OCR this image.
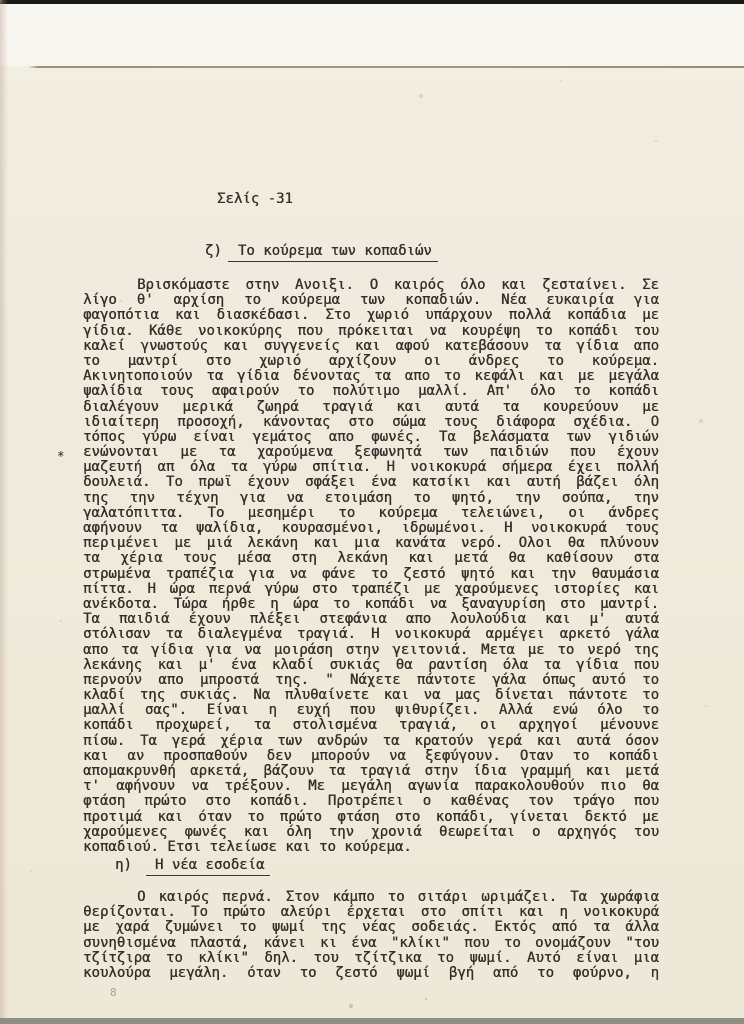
Σελίς -31
ζ) Το κούρεμα των κοπαδιών
Βρισκόμαστε στην Ανοιξι. Ο καιρός όλο και ζεσταίνει. Σε
λίγο θ' αρχίση το κούρεμα των κοπαδιών. Νέα ευκαιρία για
φαγοπότια και διασκέδασι. Στο χωριό υπάρχουν πολλά κοπάδια με
γίδια. Κάθε νοικοκύρης που πρόκειται να κουρέψη το κοπάδι του
καλεί γνωστούς και συγγενείς και αφού κατεβάσουν τα γίδια απο
το μαντρί στο χωριό αρχίζουν οι άνδρες το κούρεμα.
Ακινητοποιούν τα γίδια δένοντας τα απο το κεφάλι και με μεγάλα
ψαλίδια τους αφαιρούν το πολύτιμο μαλλί. Απ' όλο το κοπάδι
διαλέγουν μερικά ζωηρά τραγιά και αυτά τα κουρεύουν με
ιδιαίτερη προσοχή, κάνοντας στο σώμα τους διάφορα σχέδια. Ο
τόπος γύρω είναι γεμάτος απο φωνές. Τα βελάσματα των γιδιών
ενώνονται με τα χαρούμενα ξεφωνητά των παιδιών που έχουν
μαζευτή απ όλα τα γύρω σπίτια. Η νοικοκυρά σήμερα έχει πολλή
δουλειά. Το πρωϊ έχουν σφάξει ένα κατσίκι και αυτή βάζει όλη
της την τέχνη για να ετοιμάση το ψητό, την σούπα, την
γαλατόπιττα. Το μεσημέρι το κούρεμα τελειώνει, οι άνδρες
αφήνουν τα ψαλίδια, κουρασμένοι, ιδρωμένοι. Η νοικοκυρά τους
περιμένει με μιά λεκάνη και μια κανάτα νερό. Ολοι θα πλύνουν
τα χέρια τους μέσα στη λεκάνη και μετά θα καθίσουν στα
στρωμένα τραπέζια για να φάνε το ζεστό ψητό και την θαυμάσια
πίττα. Η ώρα περνά γύρω στο τραπέζι με χαρούμενες ιστορίες και
ανέκδοτα. Τώρα ήρθε η ώρα το κοπάδι να ξαναγυρίση στο μαντρί.
Τα παιδιά έχουν πλέξει στεφάνια απο λουλούδια και μ' αυτά
στόλισαν τα διαλεγμένα τραγιά. Η νοικοκυρά αρμέγει αρκετό γάλα
απο τα γίδια για να μοιράση στην γειτονιά. Μετα με το νερό της
λεκάνης και μ' ένα κλαδί συκιάς θα ραντίση όλα τα γίδια που
περνούν απο μπροστά της. " Νάχετε πάντοτε γάλα όπως αυτό το
κλαδί της συκιάς. Να πλυθαίνετε και να μας δίνεται πάντοτε το
μαλλί σας". Είναι η ευχή που ψιθυρίζει. Αλλά ενώ όλο το
κοπάδι προχωρεί, τα στολισμένα τραγιά, οι αρχηγοί μένουνε
πίσω. Τα γερά χέρια των ανδρών τα κρατούν γερά και αυτά όσον
και αν προσπαθούν δεν μπορούν να ξεφύγουν. Οταν το κοπάδι
απομακρυνθή αρκετά, βάζουν τα τραγιά στην ίδια γραμμή και μετά
τ' αφήνουν να τρέξουν. Με μεγάλη αγωνία παρακολουθούν πιο θα
φτάση πρώτο στο κοπάδι. Προτρέπει ο καθένας τον τράγο που
προτιμά και όταν το πρώτο φτάση στο κοπάδι, γίνεται δεκτό με
χαρούμενες φωνές και όλη την χρονιά θεωρείται ο αρχηγός του
κοπαδιού. Ετσι τελείωσε και το κούρεμα.
η) Η νέα εσοδεία
Ο καιρός περνά. Στον κάμπο το σιτάρι ωριμάζει. Τα χωράφια
θερίζονται. Το πρώτο αλεύρι έρχεται στο σπίτι και η νοικοκυρά
με χαρά ζυμώνει το ψωμί της νέας σοδειάς. Εκτός από τα άλλα
συνηθισμένα πλαστά, κάνει κι ένα "κλίκι" που το ονομάζουν "του
τζίτζιρα το κλίκι" δηλ. του τζίτζικα το ψωμί. Αυτό είναι μια
κουλούρα μεγάλη. όταν το ζεστό ψωμί βγή από το φούρνο, η
*
8
